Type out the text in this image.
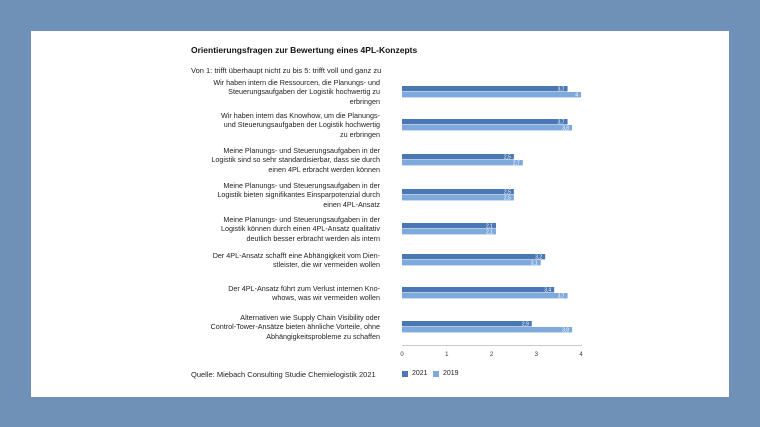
Orientierungsfragen zur Bewertung eines 4PL-Konzepts
Von 1: trifft überhaupt nicht zu bis 5: trifft voll und ganz zu
Wir haben intern die Ressourcen, die Planungs- und
Steuerungsaufgaben der Logistik hochwertig zu
erbringen
Wir haben intern das Knowhow, um die Planungs-
und Steuerungsaufgaben der Logistik hochwertig
zu erbringen
Meine Planungs- und Steuerungsaufgaben in der
Logistik sind so sehr standardisierbar, dass sie durch
einen 4PL erbracht werden können
Meine Planungs- und Steuerungsaufgaben in der
Logistik bieten signifikantes Einsparpotenzial durch
einen 4PL-Ansatz
Meine Planungs- und Steuerungsaufgaben in der
Logistik können durch einen 4PL-Ansatz qualitativ
deutlich besser erbracht werden als intern
Der 4PL-Ansatz schafft eine Abhängigkeit vom Dien-
stleister, die wir vermeiden wollen
Der 4PL-Ansatz führt zum Verlust internen Kno-
whows, was wir vermeiden wollen
Alternativen wie Supply Chain Visibility oder
Control-Tower-Ansätze bieten ähnliche Vorteile, ohne
Abhängigkeitsprobleme zu schaffen
3,7
3,7
2,5
2,5
2,1
3,2
3,4
2,9
4
3,8
2,7
2,5
2,1
3,1
3,7
3,8
0	1	2	3	4
Quelle: Miebach Consulting Studie Chemielogistik 2021	2021 2019
